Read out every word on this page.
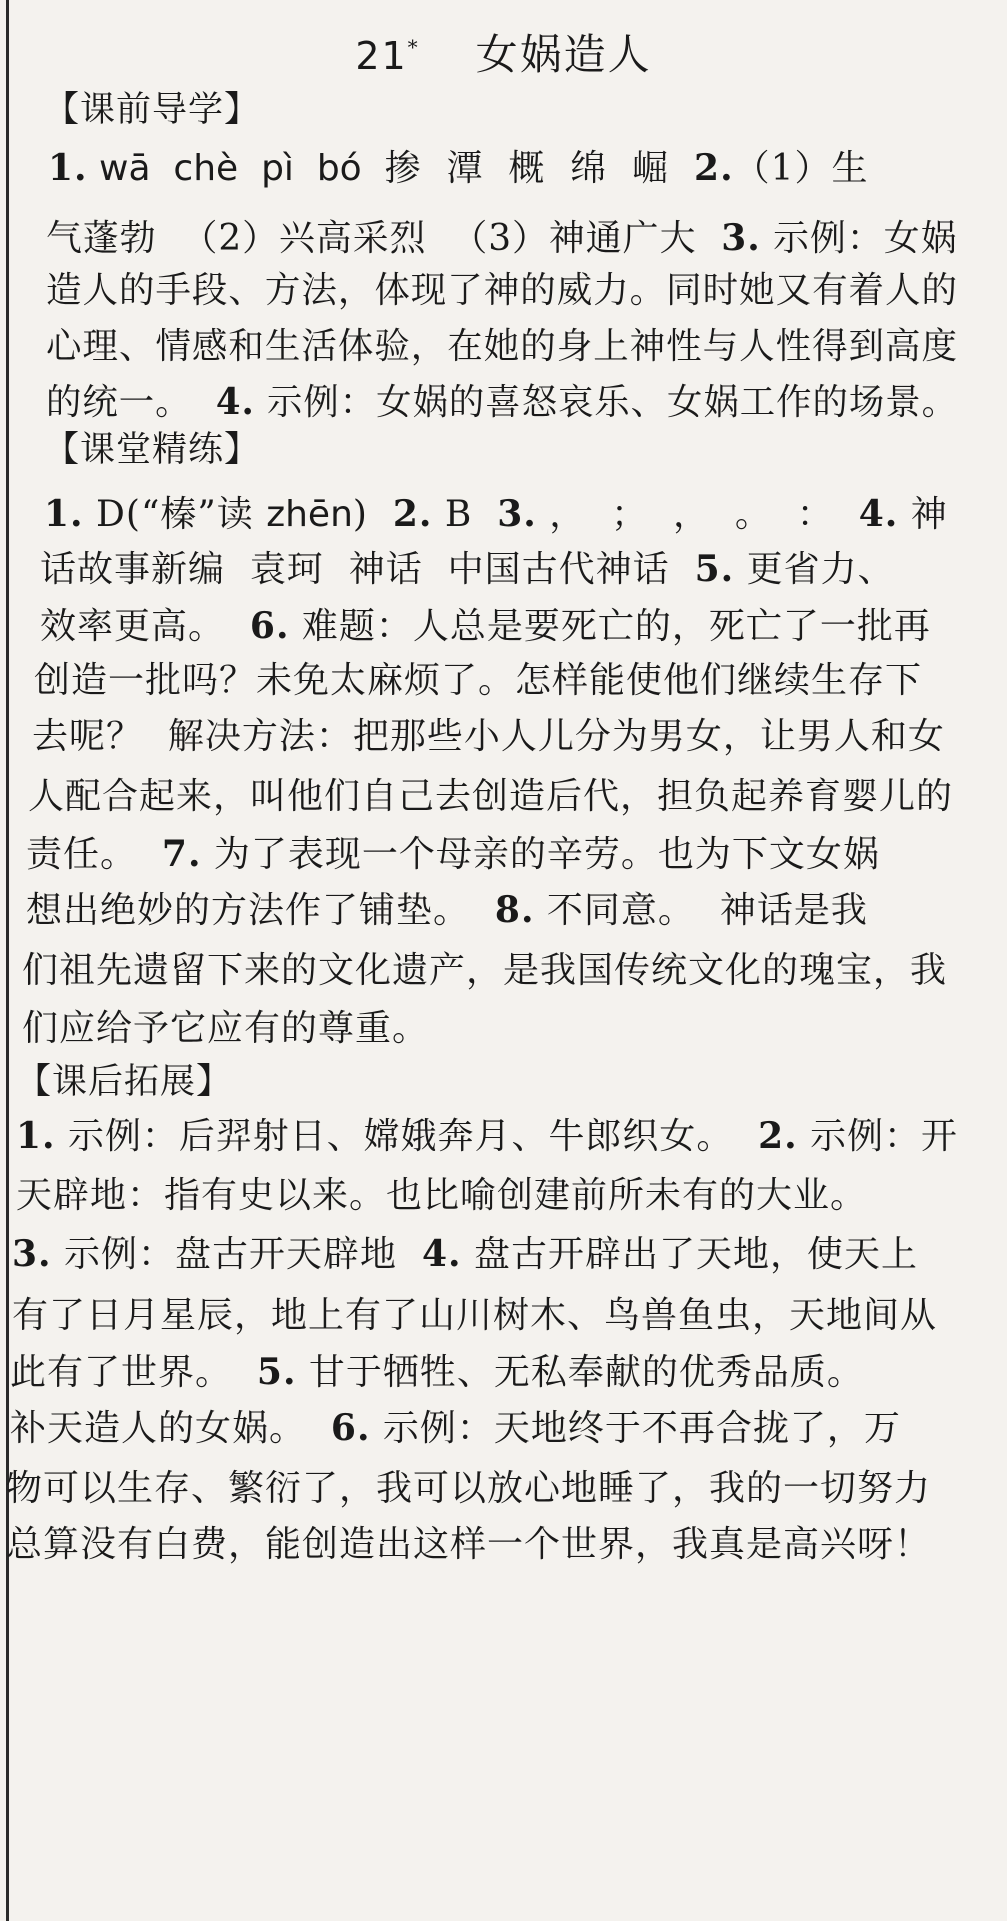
21* 女娲造人
【课前导学】
1. wā  chè  pì  bó  掺  潭  概  绵  崛  2.（1）生
气蓬勃  （2）兴高采烈  （3）神通广大  3. 示例：女娲
造人的手段、方法，体现了神的威力。同时她又有着人的
心理、情感和生活体验，在她的身上神性与人性得到高度
的统一。  4. 示例：女娲的喜怒哀乐、女娲工作的场景。
【课堂精练】
1. D(“榛”读 zhēn)  2. B  3. ，  ；  ，  。  ：  4. 神
话故事新编  袁珂  神话  中国古代神话  5. 更省力、
效率更高。  6. 难题：人总是要死亡的，死亡了一批再
创造一批吗？未免太麻烦了。怎样能使他们继续生存下
去呢？  解决方法：把那些小人儿分为男女，让男人和女
人配合起来，叫他们自己去创造后代，担负起养育婴儿的
责任。  7. 为了表现一个母亲的辛劳。也为下文女娲
想出绝妙的方法作了铺垫。  8. 不同意。  神话是我
们祖先遗留下来的文化遗产，是我国传统文化的瑰宝，我
们应给予它应有的尊重。
【课后拓展】
1. 示例：后羿射日、嫦娥奔月、牛郎织女。  2. 示例：开
天辟地：指有史以来。也比喻创建前所未有的大业。
3. 示例：盘古开天辟地  4. 盘古开辟出了天地，使天上
有了日月星辰，地上有了山川树木、鸟兽鱼虫，天地间从
此有了世界。  5. 甘于牺牲、无私奉献的优秀品质。
补天造人的女娲。  6. 示例：天地终于不再合拢了，万
物可以生存、繁衍了，我可以放心地睡了，我的一切努力
总算没有白费，能创造出这样一个世界，我真是高兴呀！
